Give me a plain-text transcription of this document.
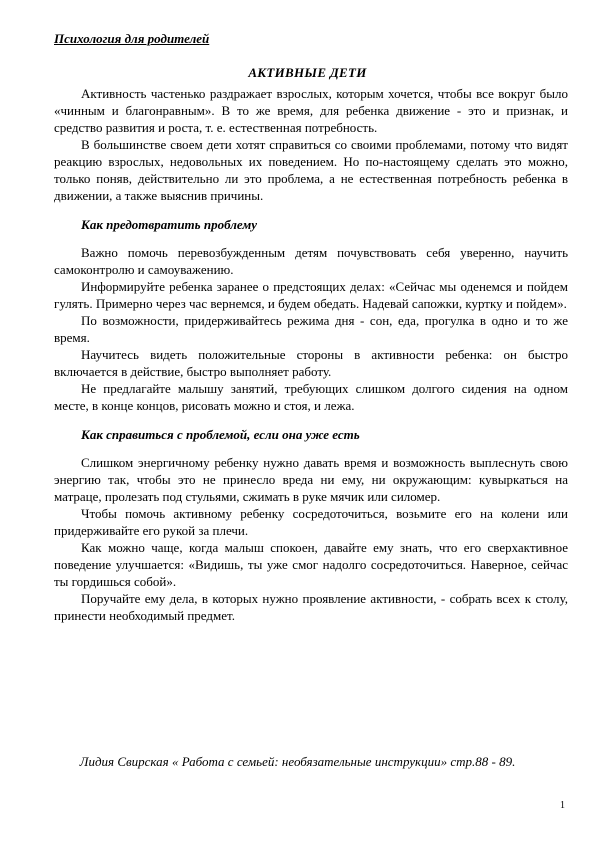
Психология для родителей
АКТИВНЫЕ ДЕТИ

Активность частенько раздражает взрослых, которым хочется, чтобы все вокруг было «чинным и благонравным». В то же время, для ребенка движение - это и признак, и средство развития и роста, т. е. естественная потребность.

В большинстве своем дети хотят справиться со своими проблемами, потому что видят реакцию взрослых, недовольных их поведением. Но по-настоящему сделать это можно, только поняв, действительно ли это проблема, а не естественная потребность ребенка в движении, а также выяснив причины.

Как предотвратить проблему

Важно помочь перевозбужденным детям почувствовать себя уверенно, научить самоконтролю и самоуважению.

Информируйте ребенка заранее о предстоящих делах: «Сейчас мы оденемся и пойдем гулять. Примерно через час вернемся, и будем обедать. Надевай сапожки, куртку и пойдем».

По возможности, придерживайтесь режима дня - сон, еда, прогулка в одно и то же время.

Научитесь видеть положительные стороны в активности ребенка: он быстро включается в действие, быстро выполняет работу.

Не предлагайте малышу занятий, требующих слишком долгого сидения на одном месте, в конце концов, рисовать можно и стоя, и лежа.

Как справиться с проблемой, если она уже есть

Слишком энергичному ребенку нужно давать время и возможность выплеснуть свою энергию так, чтобы это не принесло вреда ни ему, ни окружающим: кувыркаться на матраце, пролезать под стульями, сжимать в руке мячик или силомер.

Чтобы помочь активному ребенку сосредоточиться, возьмите его на колени или придерживайте его рукой за плечи.

Как можно чаще, когда малыш спокоен, давайте ему знать, что его сверхактивное поведение улучшается: «Видишь, ты уже смог надолго сосредоточиться. Наверное, сейчас ты гордишься собой».

Поручайте ему дела, в которых нужно проявление активности, - собрать всех к столу, принести необходимый предмет.

Лидия Свирская « Работа с семьей: необязательные инструкции» стр.88 - 89.
1
